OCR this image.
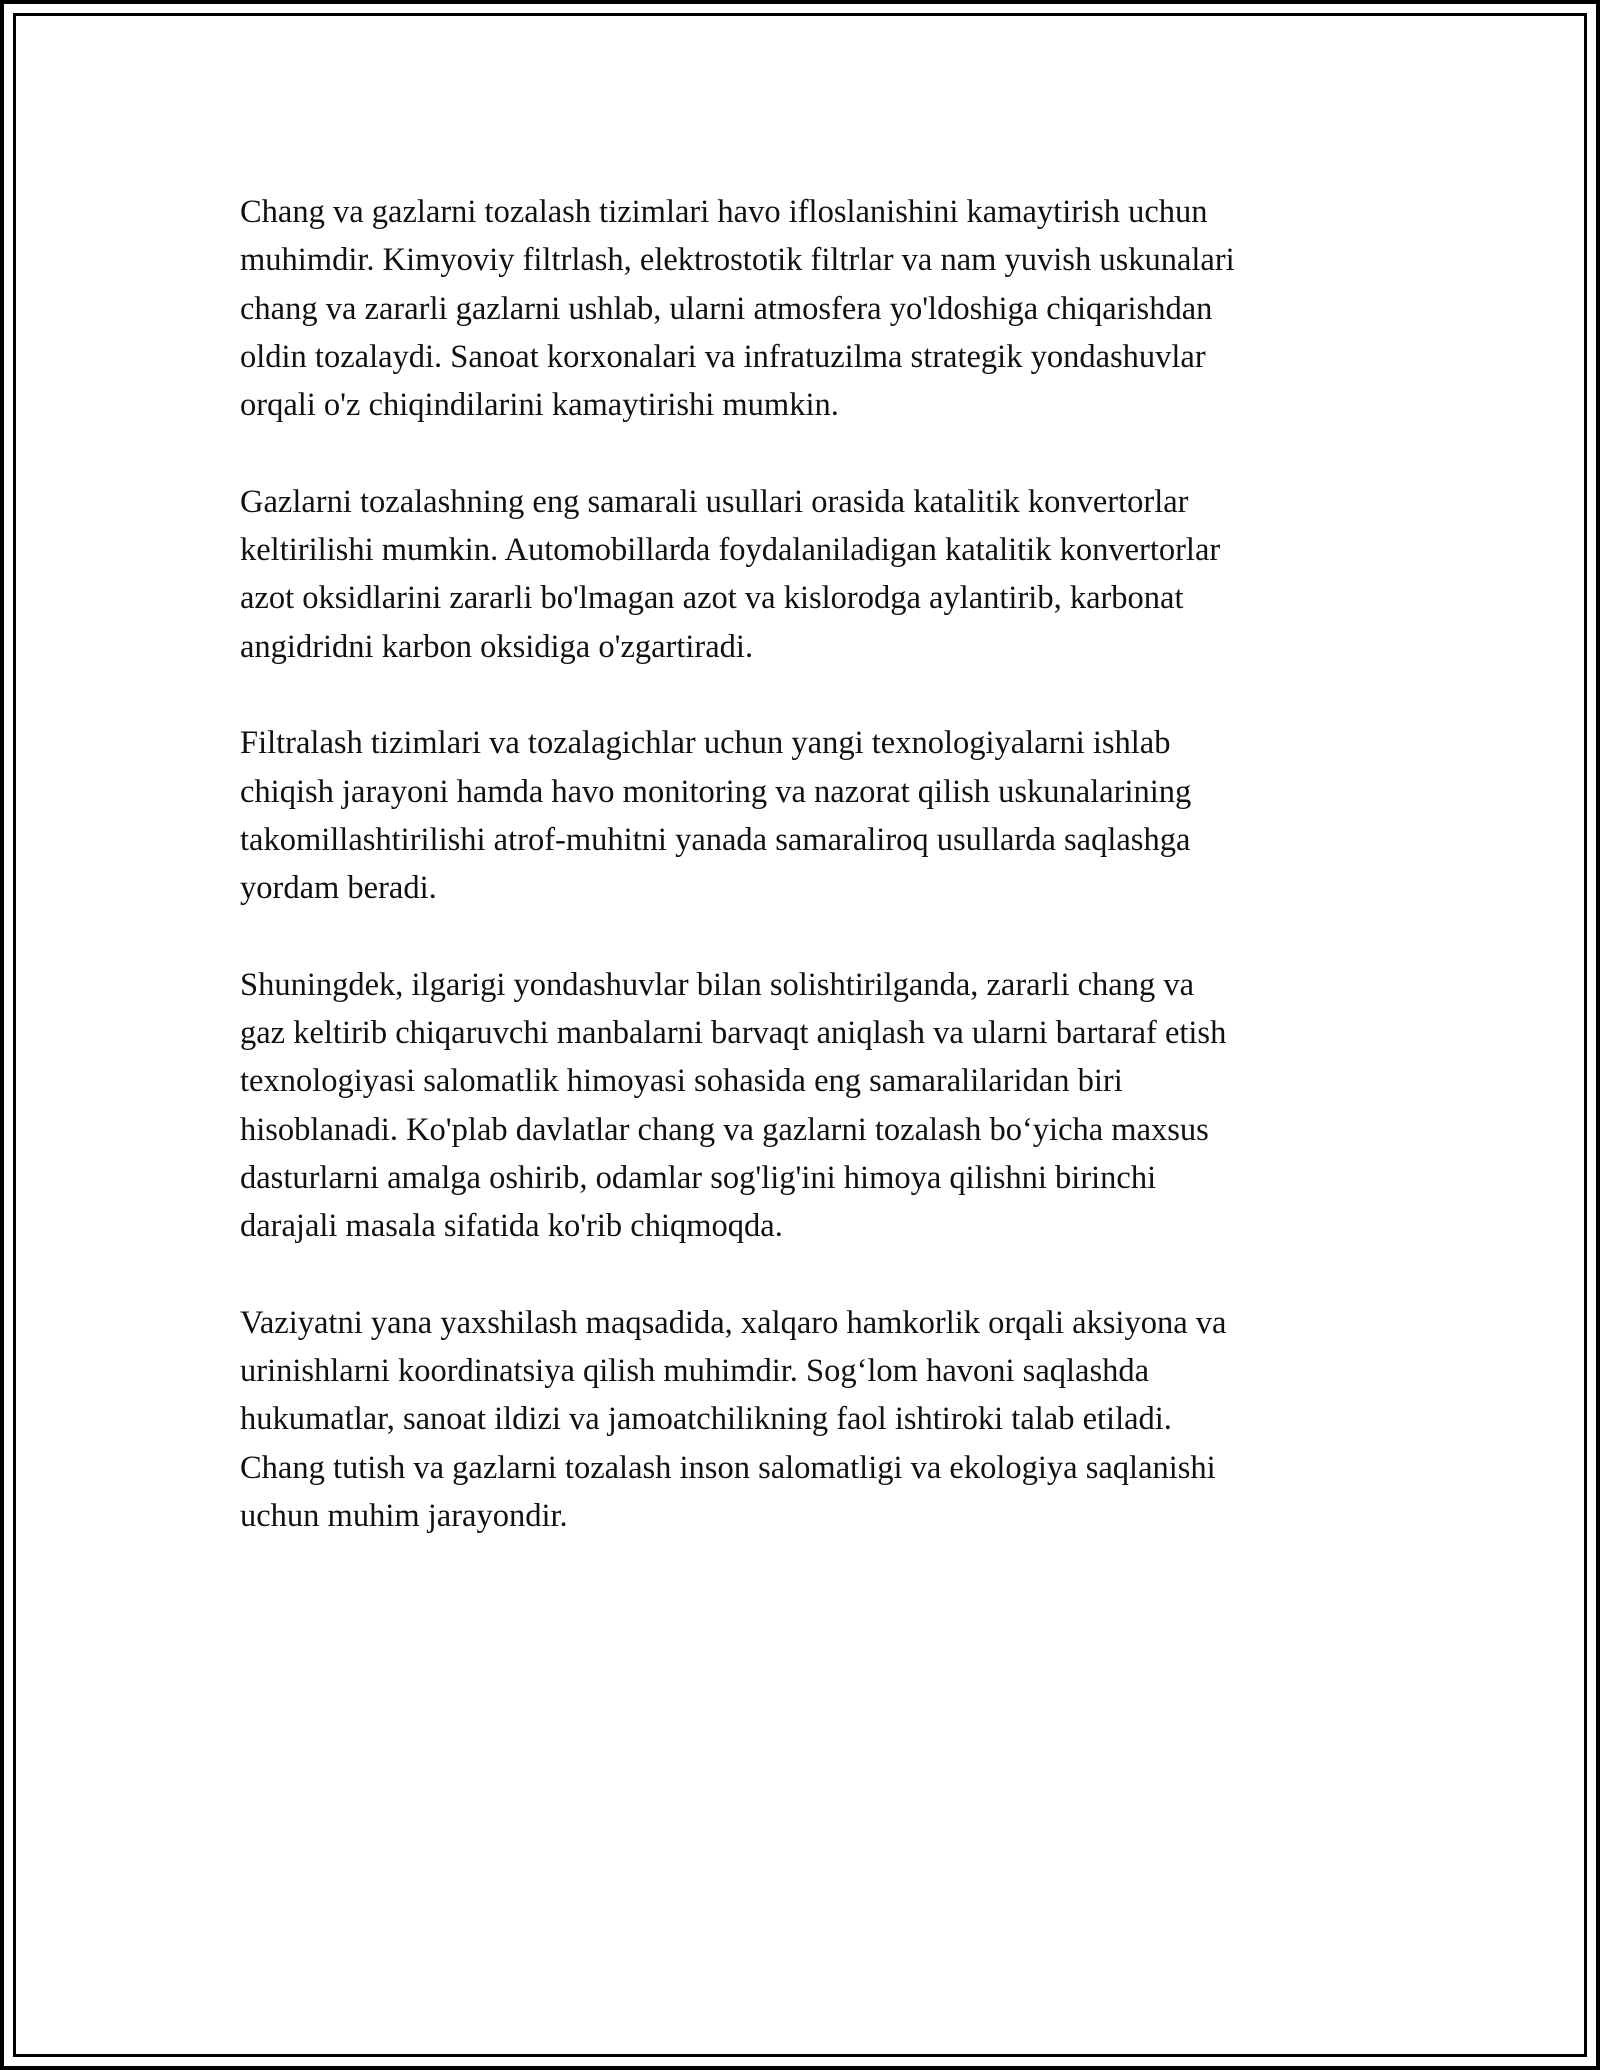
Chang va gazlarni tozalash tizimlari havo ifloslanishini kamaytirish uchun
muhimdir. Kimyoviy filtrlash, elektrostotik filtrlar va nam yuvish uskunalari
chang va zararli gazlarni ushlab, ularni atmosfera yo'ldoshiga chiqarishdan
oldin tozalaydi. Sanoat korxonalari va infratuzilma strategik yondashuvlar
orqali o'z chiqindilarini kamaytirishi mumkin.

Gazlarni tozalashning eng samarali usullari orasida katalitik konvertorlar
keltirilishi mumkin. Automobillarda foydalaniladigan katalitik konvertorlar
azot oksidlarini zararli bo'lmagan azot va kislorodga aylantirib, karbonat
angidridni karbon oksidiga o'zgartiradi.

Filtralash tizimlari va tozalagichlar uchun yangi texnologiyalarni ishlab
chiqish jarayoni hamda havo monitoring va nazorat qilish uskunalarining
takomillashtirilishi atrof-muhitni yanada samaraliroq usullarda saqlashga
yordam beradi.

Shuningdek, ilgarigi yondashuvlar bilan solishtirilganda, zararli chang va
gaz keltirib chiqaruvchi manbalarni barvaqt aniqlash va ularni bartaraf etish
texnologiyasi salomatlik himoyasi sohasida eng samaralilaridan biri
hisoblanadi. Ko'plab davlatlar chang va gazlarni tozalash bo‘yicha maxsus
dasturlarni amalga oshirib, odamlar sog'lig'ini himoya qilishni birinchi
darajali masala sifatida ko'rib chiqmoqda.

Vaziyatni yana yaxshilash maqsadida, xalqaro hamkorlik orqali aksiyona va
urinishlarni koordinatsiya qilish muhimdir. Sog‘lom havoni saqlashda
hukumatlar, sanoat ildizi va jamoatchilikning faol ishtiroki talab etiladi.
Chang tutish va gazlarni tozalash inson salomatligi va ekologiya saqlanishi
uchun muhim jarayondir.
